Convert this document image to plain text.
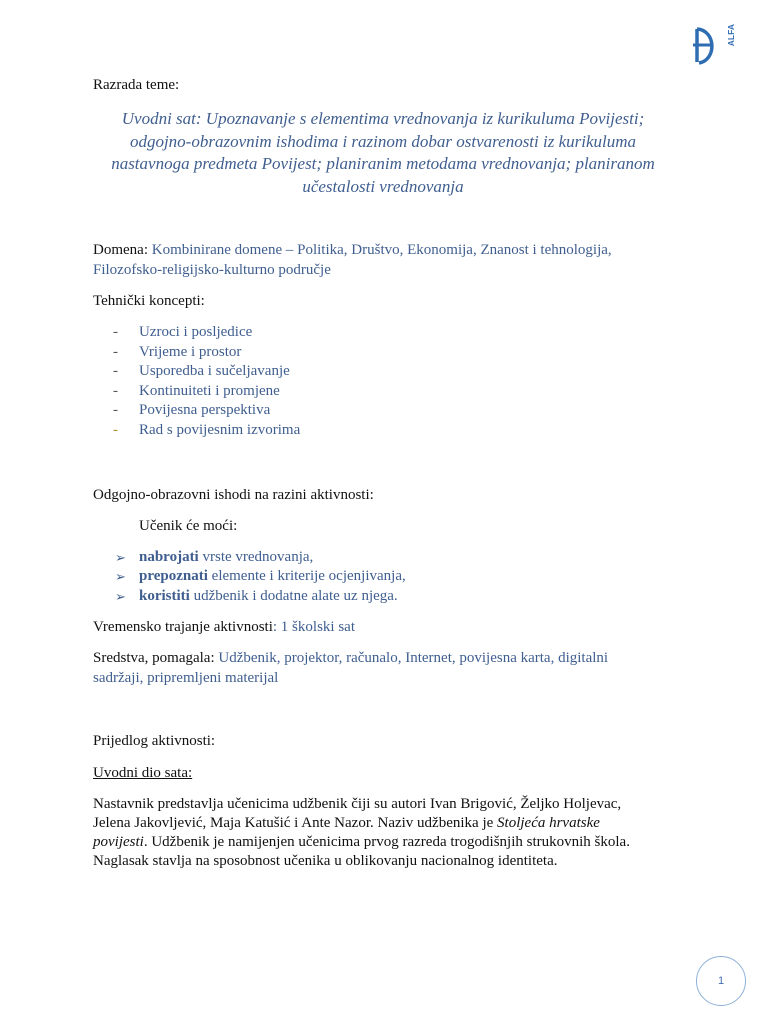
ALFA
Razrada teme:
Uvodni sat: Upoznavanje s elementima vrednovanja iz kurikuluma Povijesti; odgojno-obrazovnim ishodima i razinom dobar ostvarenosti iz kurikuluma nastavnoga predmeta Povijest; planiranim metodama vrednovanja; planiranom učestalosti vrednovanja
Domena: Kombinirane domene – Politika, Društvo, Ekonomija, Znanost i tehnologija,
Filozofsko-religijsko-kulturno područje
Tehnički koncepti:
- Uzroci i posljedice
- Vrijeme i prostor
- Usporedba i sučeljavanje
- Kontinuiteti i promjene
- Povijesna perspektiva
- Rad s povijesnim izvorima
Odgojno-obrazovni ishodi na razini aktivnosti:
Učenik će moći:
➢ nabrojati vrste vrednovanja,
➢ prepoznati elemente i kriterije ocjenjivanja,
➢ koristiti udžbenik i dodatne alate uz njega.
Vremensko trajanje aktivnosti: 1 školski sat
Sredstva, pomagala: Udžbenik, projektor, računalo, Internet, povijesna karta, digitalni
sadržaji, pripremljeni materijal
Prijedlog aktivnosti:
Uvodni dio sata:
Nastavnik predstavlja učenicima udžbenik čiji su autori Ivan Brigović, Željko Holjevac,
Jelena Jakovljević, Maja Katušić i Ante Nazor. Naziv udžbenika je Stoljeća hrvatske
povijesti. Udžbenik je namijenjen učenicima prvog razreda trogodišnjih strukovnih škola.
Naglasak stavlja na sposobnost učenika u oblikovanju nacionalnog identiteta.
1
